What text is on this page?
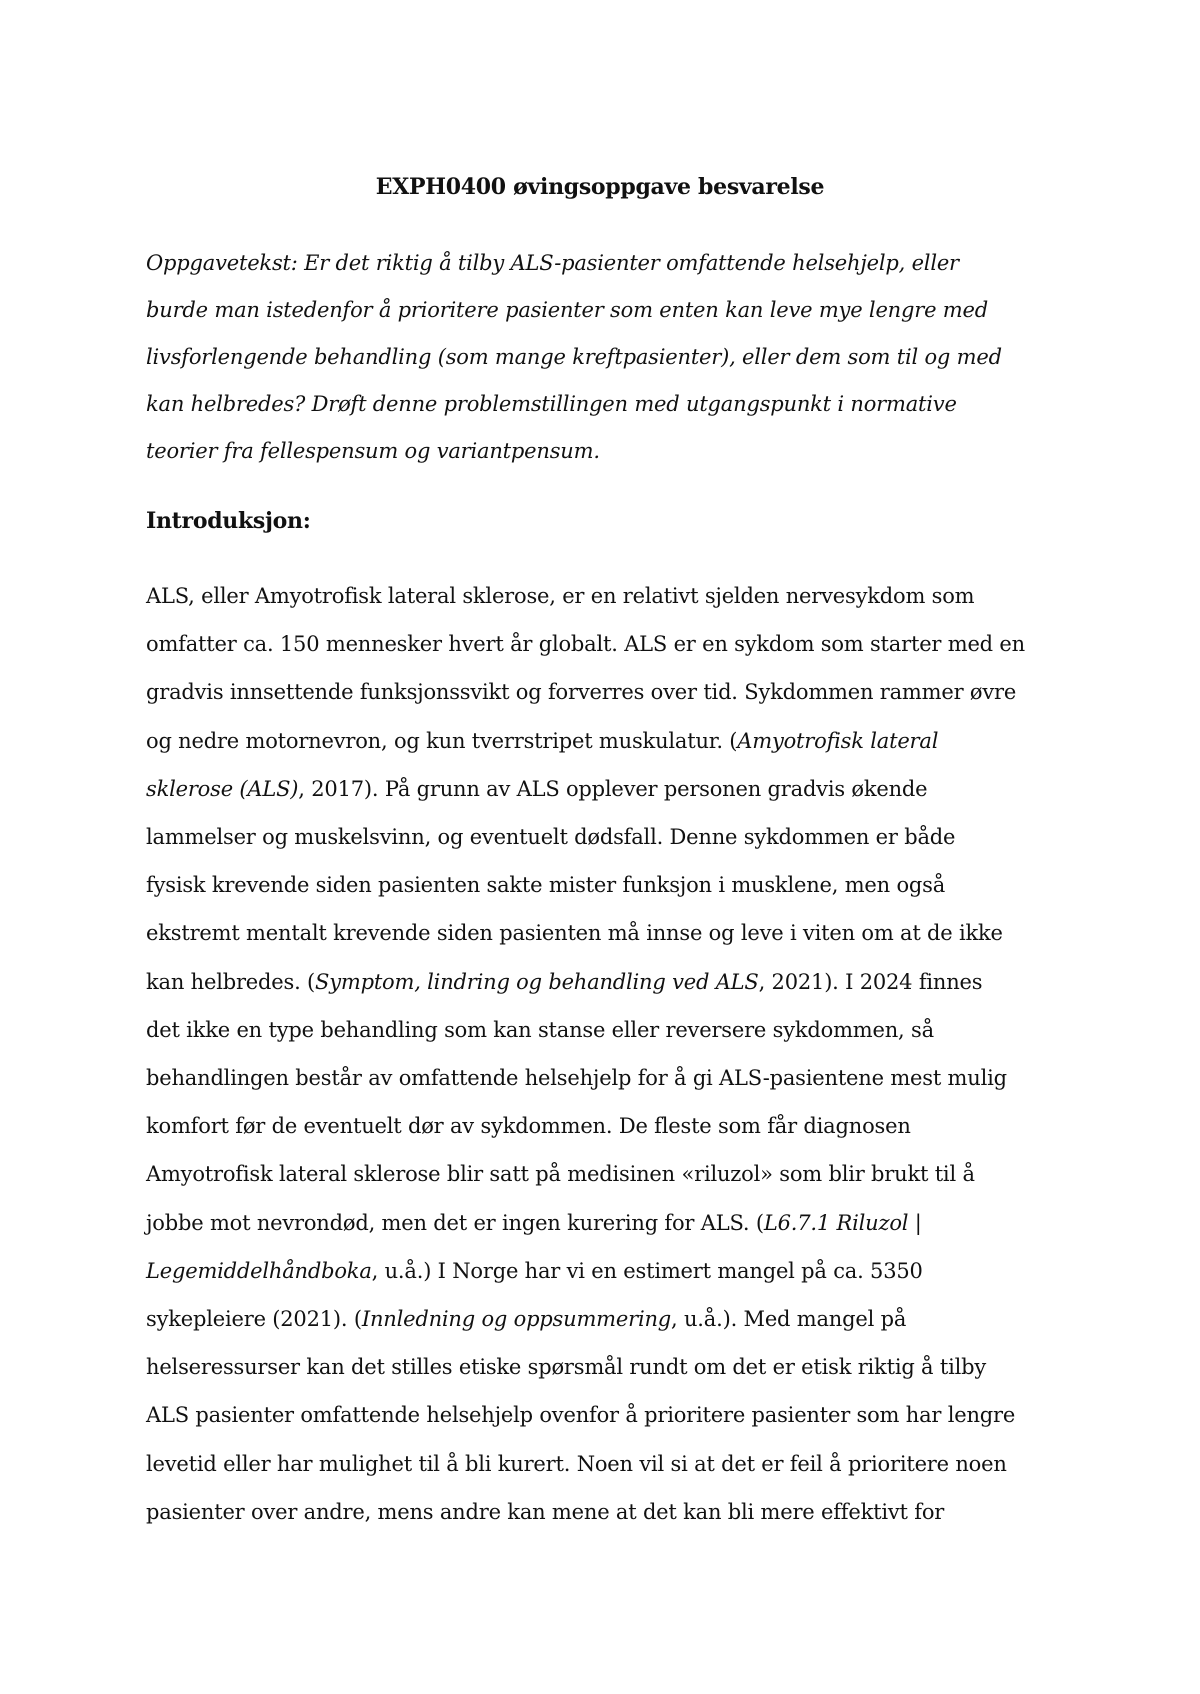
EXPH0400 øvingsoppgave besvarelse
Oppgavetekst: Er det riktig å tilby ALS-pasienter omfattende helsehjelp, eller
burde man istedenfor å prioritere pasienter som enten kan leve mye lengre med
livsforlengende behandling (som mange kreftpasienter), eller dem som til og med
kan helbredes? Drøft denne problemstillingen med utgangspunkt i normative
teorier fra fellespensum og variantpensum.
Introduksjon:
ALS, eller Amyotrofisk lateral sklerose, er en relativt sjelden nervesykdom som
omfatter ca. 150 mennesker hvert år globalt. ALS er en sykdom som starter med en
gradvis innsettende funksjonssvikt og forverres over tid. Sykdommen rammer øvre
og nedre motornevron, og kun tverrstripet muskulatur. (Amyotrofisk lateral
sklerose (ALS), 2017). På grunn av ALS opplever personen gradvis økende
lammelser og muskelsvinn, og eventuelt dødsfall. Denne sykdommen er både
fysisk krevende siden pasienten sakte mister funksjon i musklene, men også
ekstremt mentalt krevende siden pasienten må innse og leve i viten om at de ikke
kan helbredes. (Symptom, lindring og behandling ved ALS, 2021). I 2024 finnes
det ikke en type behandling som kan stanse eller reversere sykdommen, så
behandlingen består av omfattende helsehjelp for å gi ALS-pasientene mest mulig
komfort før de eventuelt dør av sykdommen. De fleste som får diagnosen
Amyotrofisk lateral sklerose blir satt på medisinen «riluzol» som blir brukt til å
jobbe mot nevrondød, men det er ingen kurering for ALS. (L6.7.1 Riluzol |
Legemiddelhåndboka, u.å.) I Norge har vi en estimert mangel på ca. 5350
sykepleiere (2021). (Innledning og oppsummering, u.å.). Med mangel på
helseressurser kan det stilles etiske spørsmål rundt om det er etisk riktig å tilby
ALS pasienter omfattende helsehjelp ovenfor å prioritere pasienter som har lengre
levetid eller har mulighet til å bli kurert. Noen vil si at det er feil å prioritere noen
pasienter over andre, mens andre kan mene at det kan bli mere effektivt for
